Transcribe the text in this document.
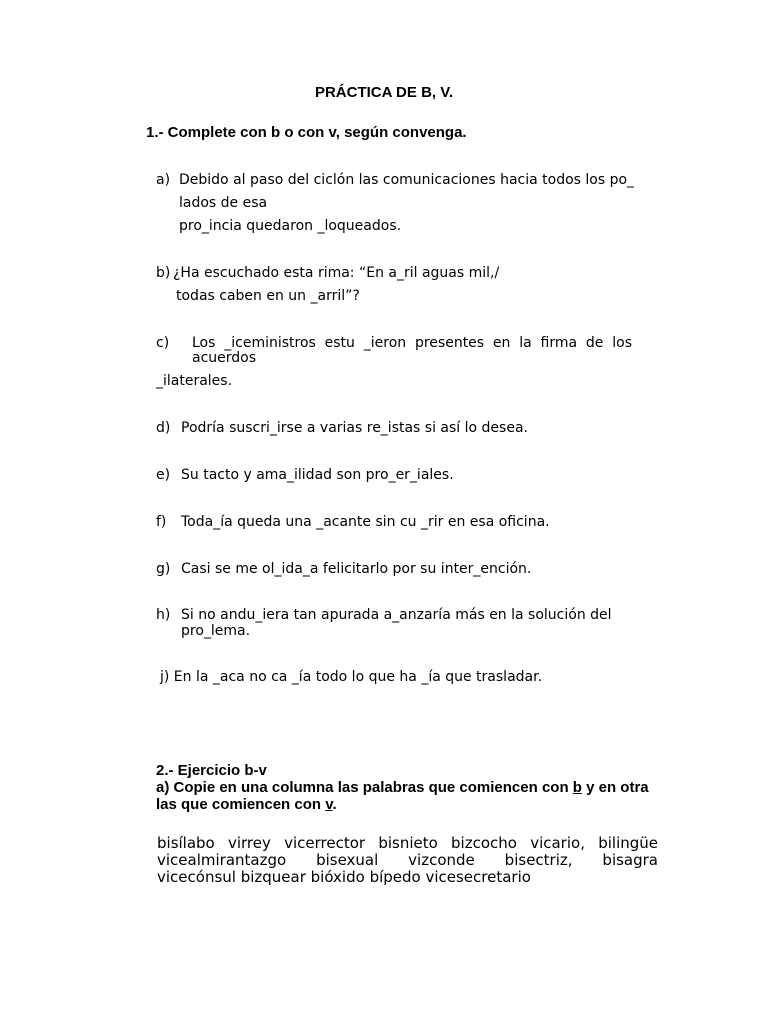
PRÁCTICA DE B, V.
1.- Complete con b o con v, según convenga.
a) Debido al paso del ciclón las comunicaciones hacia todos los po_
lados de esa
pro_incia quedaron _loqueados.
b) ¿Ha escuchado esta rima: “En a_ril aguas mil,/
todas caben en un _arril”?
c) Los _iceministros estu _ieron presentes en la firma de los
acuerdos
_ilaterales.
d) Podría suscri_irse a varias re_istas si así lo desea.
e) Su tacto y ama_ilidad son pro_er_iales.
f) Toda_ía queda una _acante sin cu _rir en esa oficina.
g) Casi se me ol_ida_a felicitarlo por su inter_ención.
h) Si no andu_iera tan apurada a_anzaría más en la solución del
pro_lema.
j) En la _aca no ca _ía todo lo que ha _ía que trasladar.
2.- Ejercicio b-v
a) Copie en una columna las palabras que comiencen con b y en otra
las que comiencen con v.
bisílabo virrey vicerrector bisnieto bizcocho vicario, bilingüe
vicealmirantazgo bisexual vizconde bisectriz, bisagra
vicecónsul bizquear bióxido bípedo vicesecretario
